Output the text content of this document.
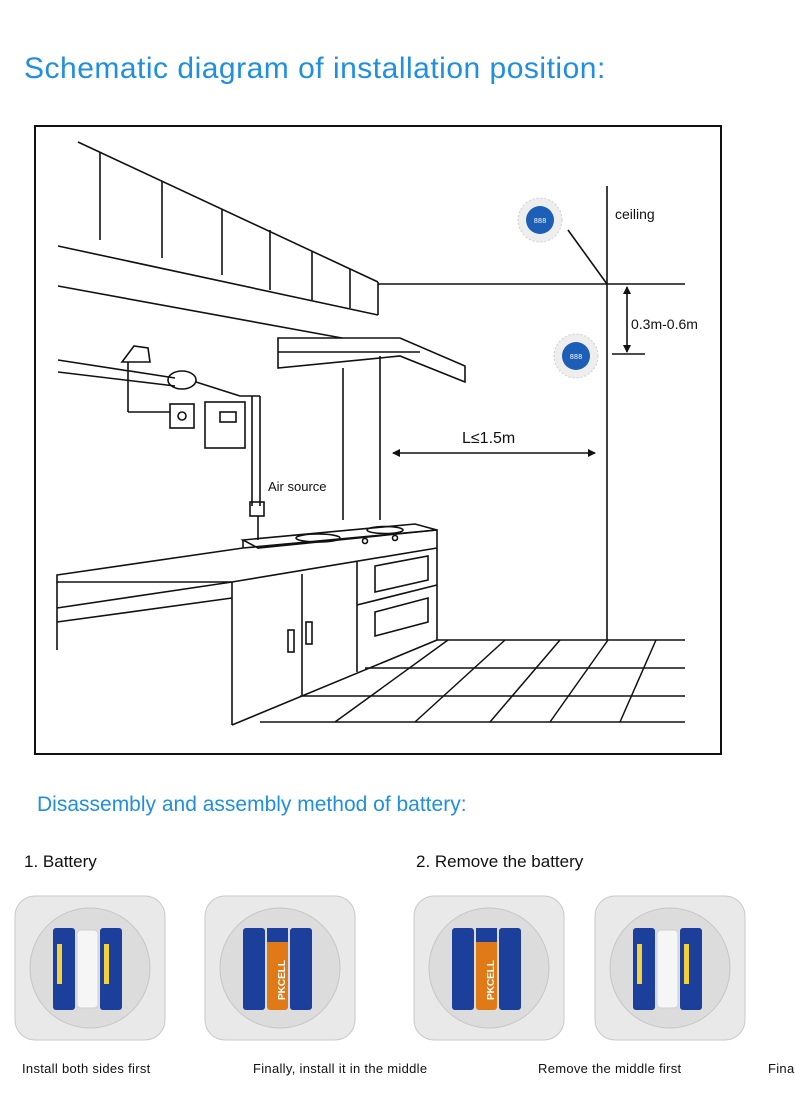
Schematic diagram of installation position:
888
888
ceiling
0.3m-0.6m
L≤1.5m
Air source
Disassembly and assembly method of battery:
1. Battery	2. Remove the battery
PKCELL	PKCELL
Install both sides first	Finally, install it in the middle	Remove the middle first	Fina
